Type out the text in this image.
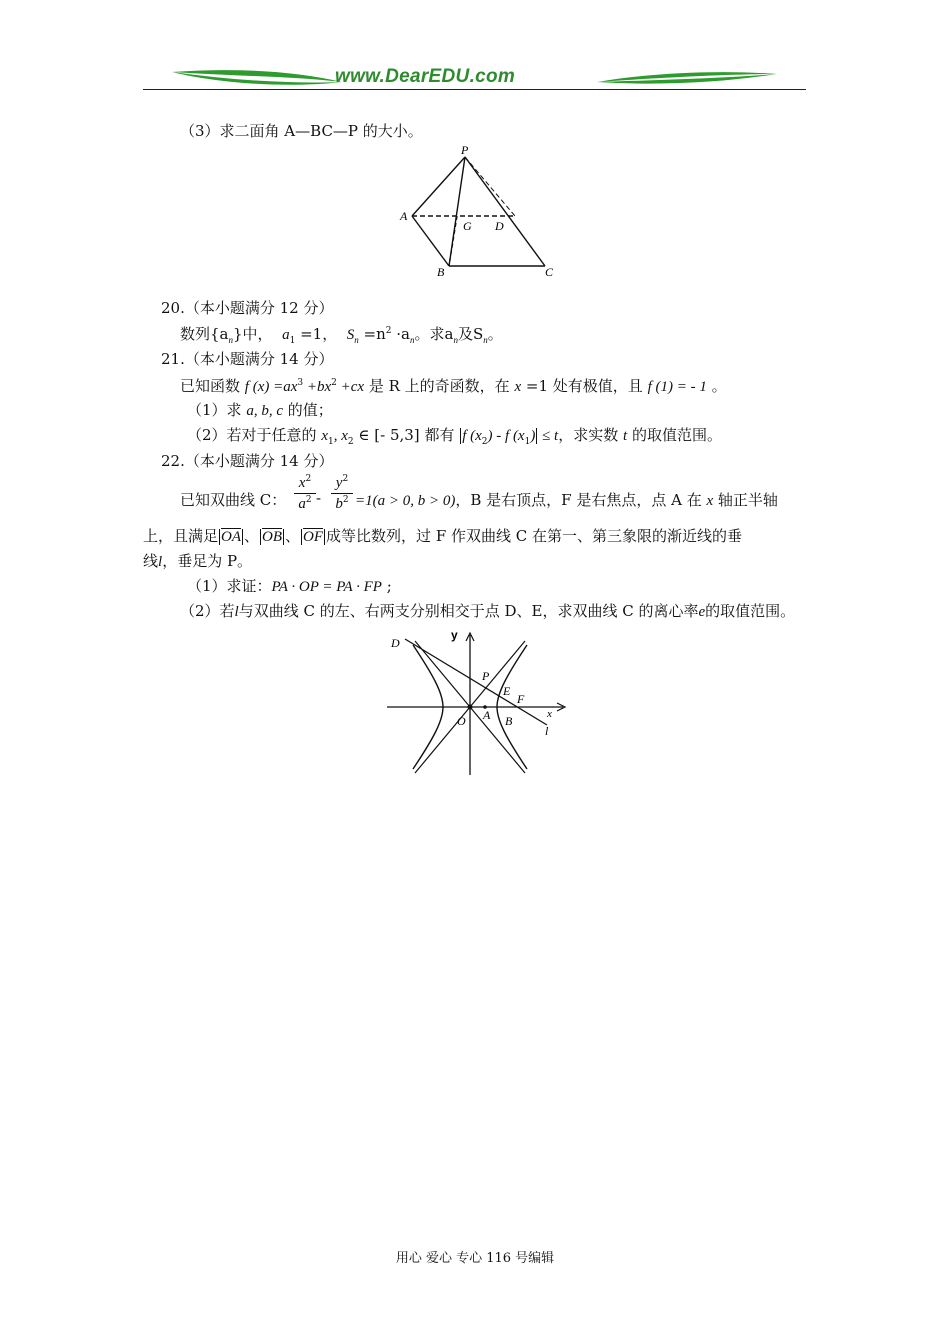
www.DearEDU.com
（3）求二面角 A—BC—P 的大小。
P
A
G D
B	C
20.（本小题满分 12 分）
数列$\{a_n\}$中， $a_1 =1$， $S_n =n^2 \cdot a_n$。求$a_n$及$S_n$。
21.（本小题满分 14 分）
已知函数 f $(x) =ax^3 +bx^2 +cx$ 是 R 上的奇函数，在 x =1 处有极值，且 f (1) = - 1 。
（1）求 a, b, c 的值；
（2）若对于任意的 $x_1$, $x_2$ ∈ [- 5,3] 都有 f $(x_2)$ - f $(x_1) \le t$，求实数 t 的取值范围。
22.（本小题满分 14 分）
已知双曲线 C：
$x^2$
$a^2$ -
$y^2$
$b^2 =1(a > 0$, b > 0)，B 是右顶点，F 是右焦点，点 A 在 x 轴正半轴
上，且满足 $\overline{OA}$ 、 $\overline{OB}$ 、 $\overline{OF}$ 成等比数列，过 F 作双曲线 C 在第一、第三象限的渐近线的垂
线l，垂足为 P。
（1）求证：PA · OP = PA · FP ;
（2）若l与双曲线 C 的左、右两支分别相交于点 D、E，求双曲线 C 的离心率e的取值范围。
D
y
P
E
F
x
O A B
l
用心 爱心 专心 116 号编辑
